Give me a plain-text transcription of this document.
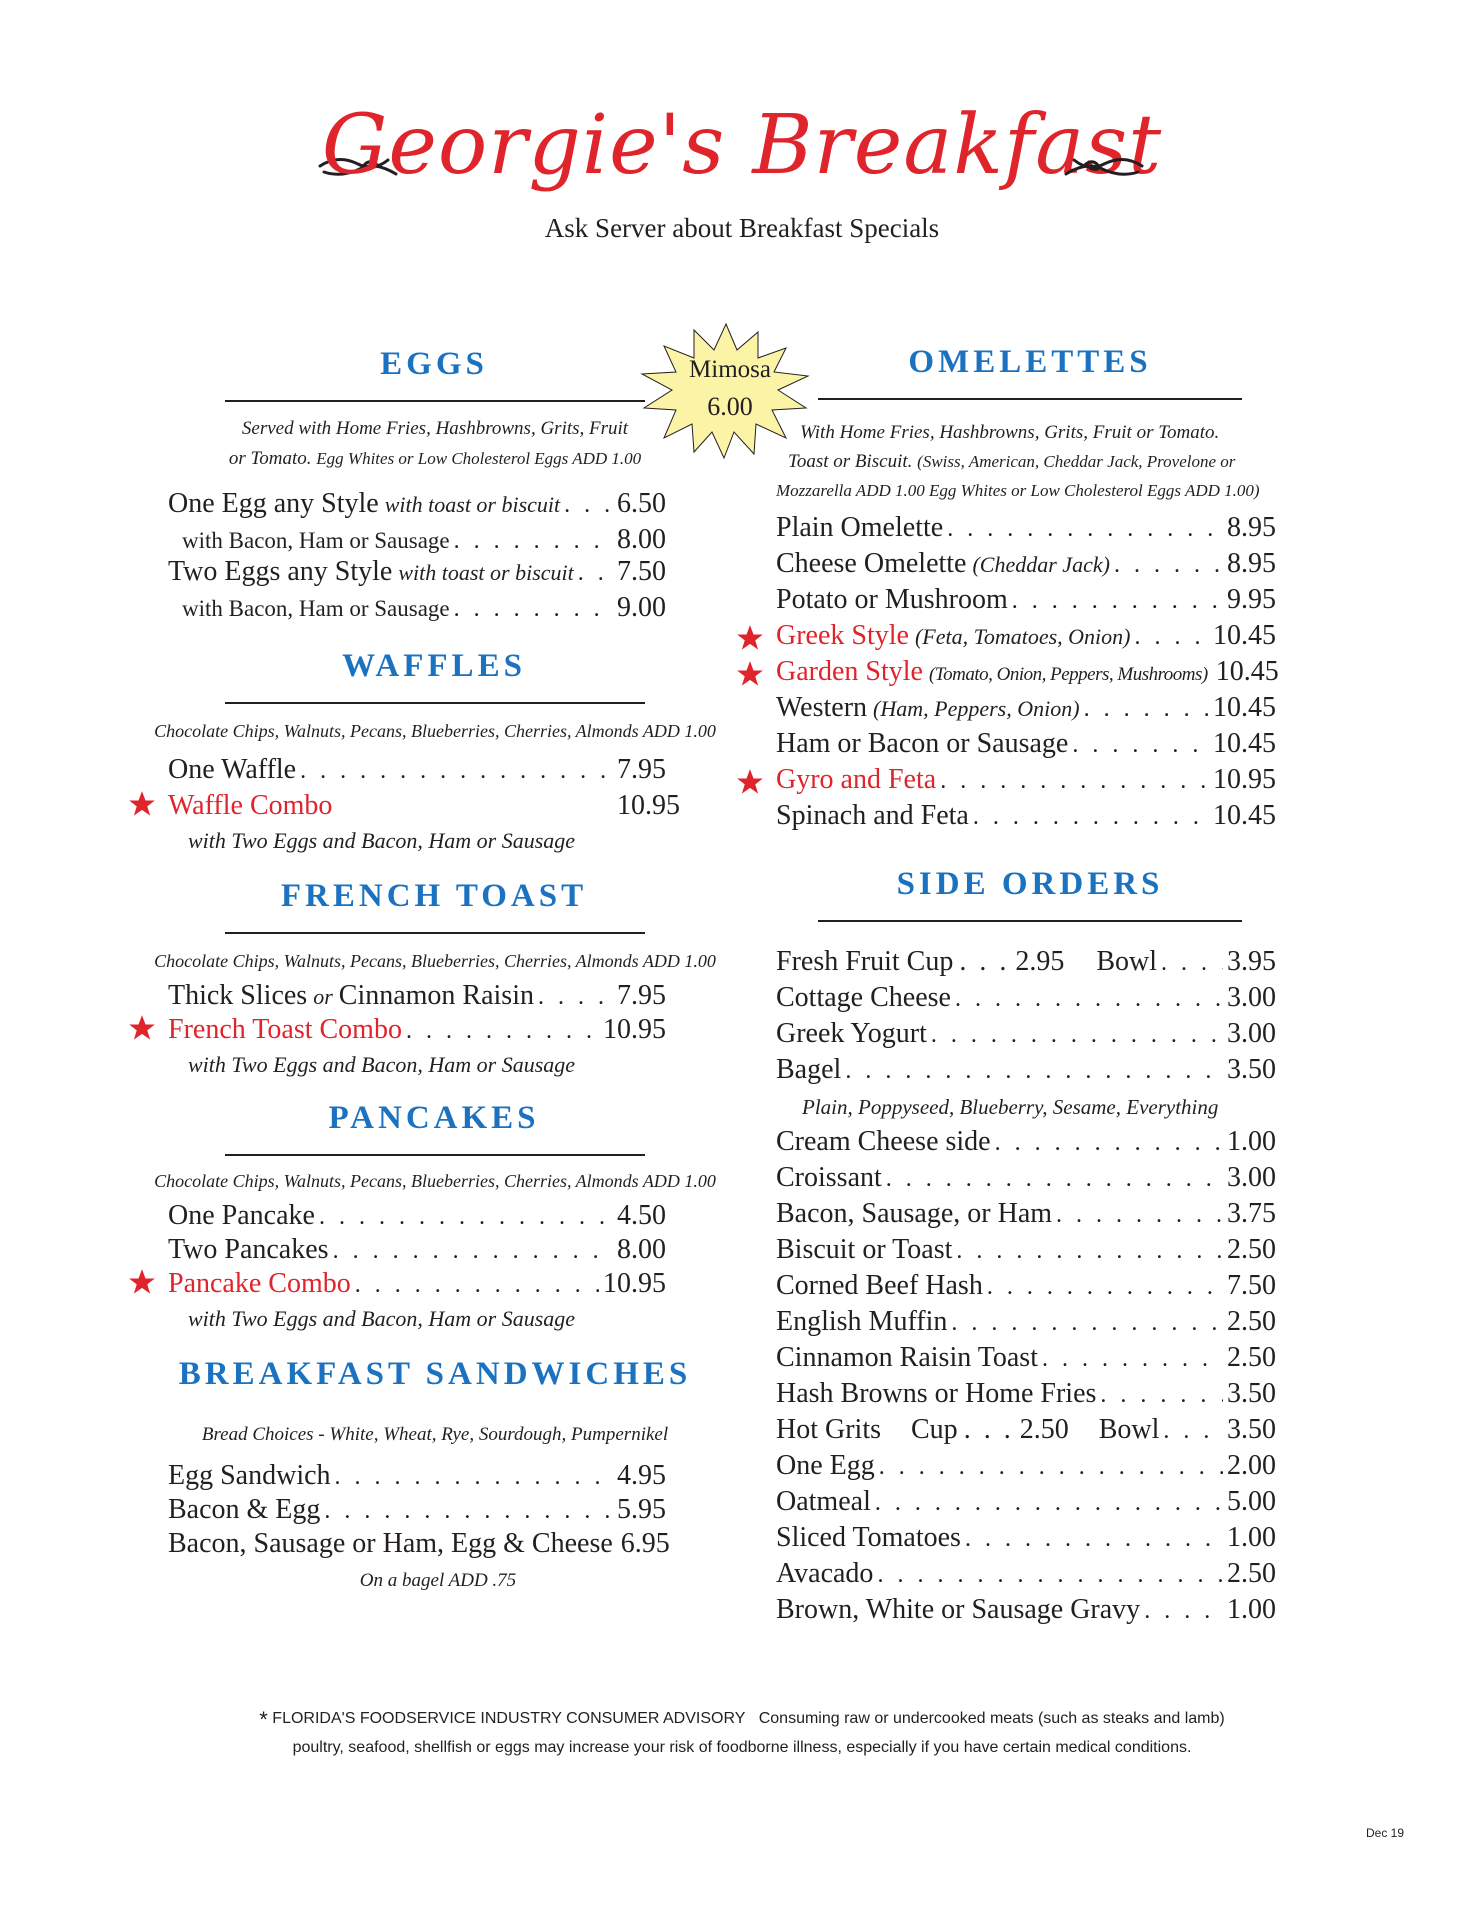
Georgie's Breakfast
Ask Server about Breakfast Specials
Mimosa
6.00
EGGS
Served with Home Fries, Hashbrowns, Grits, Fruit
or Tomato. Egg Whites or Low Cholesterol Eggs ADD 1.00
One Egg any Style with toast or biscuit . . . 6.50
with Bacon, Ham or Sausage . . .	8.00
Two Eggs any Style with toast or biscuit . . . 7.50
with Bacon, Ham or Sausage . . .	9.00
WAFFLES
Chocolate Chips, Walnuts, Pecans, Blueberries, Cherries, Almonds ADD 1.00
One Waffle . . .	7.95
Waffle Combo	10.95
with Two Eggs and Bacon, Ham or Sausage
FRENCH TOAST
Chocolate Chips, Walnuts, Pecans, Blueberries, Cherries, Almonds ADD 1.00
Thick Slices or Cinnamon Raisin . . .	7.95
French Toast Combo . . .	10.95
with Two Eggs and Bacon, Ham or Sausage
PANCAKES
Chocolate Chips, Walnuts, Pecans, Blueberries, Cherries, Almonds ADD 1.00
One Pancake . . .	4.50
Two Pancakes . . .	8.00
Pancake Combo . . .	10.95
with Two Eggs and Bacon, Ham or Sausage
BREAKFAST SANDWICHES
Bread Choices - White, Wheat, Rye, Sourdough, Pumpernikel
Egg Sandwich . . .	4.95
Bacon & Egg . . .	5.95
Bacon, Sausage or Ham, Egg & Cheese 6.95
On a bagel ADD .75
OMELETTES
With Home Fries, Hashbrowns, Grits, Fruit or Tomato.
Toast or Biscuit. (Swiss, American, Cheddar Jack, Provelone or
Mozzarella ADD 1.00 Egg Whites or Low Cholesterol Eggs ADD 1.00)
Plain Omelette . . .	8.95
Cheese Omelette (Cheddar Jack) . . .	8.95
Potato or Mushroom . . .	9.95
Greek Style (Feta, Tomatoes, Onion) . . .	10.45
Garden Style (Tomato, Onion, Peppers, Mushrooms) 10.45
Western (Ham, Peppers, Onion) . . .	10.45
Ham or Bacon or Sausage . . .	10.45
Gyro and Feta . . .	10.95
Spinach and Feta . . .	10.45
SIDE ORDERS
Fresh Fruit Cup . . . 2.95 Bowl . . . 3.95
Cottage Cheese . . .	3.00
Greek Yogurt . . .	3.00
Bagel . . .	3.50
Plain, Poppyseed, Blueberry, Sesame, Everything
Cream Cheese side . . .	1.00
Croissant . . .	3.00
Bacon, Sausage, or Ham . . .	3.75
Biscuit or Toast . . .	2.50
Corned Beef Hash . . .	7.50
English Muffin . . .	2.50
Cinnamon Raisin Toast . . .	2.50
Hash Browns or Home Fries . . .	3.50
Hot Grits Cup . . . 2.50 Bowl . . . 3.50
One Egg . . .	2.00
Oatmeal . . .	5.00
Sliced Tomatoes . . .	1.00
Avacado . . .	2.50
Brown, White or Sausage Gravy . . .	1.00
* FLORIDA'S FOODSERVICE INDUSTRY CONSUMER ADVISORY Consuming raw or undercooked meats (such as steaks and lamb)
poultry, seafood, shellfish or eggs may increase your risk of foodborne illness, especially if you have certain medical conditions.
Dec 19
